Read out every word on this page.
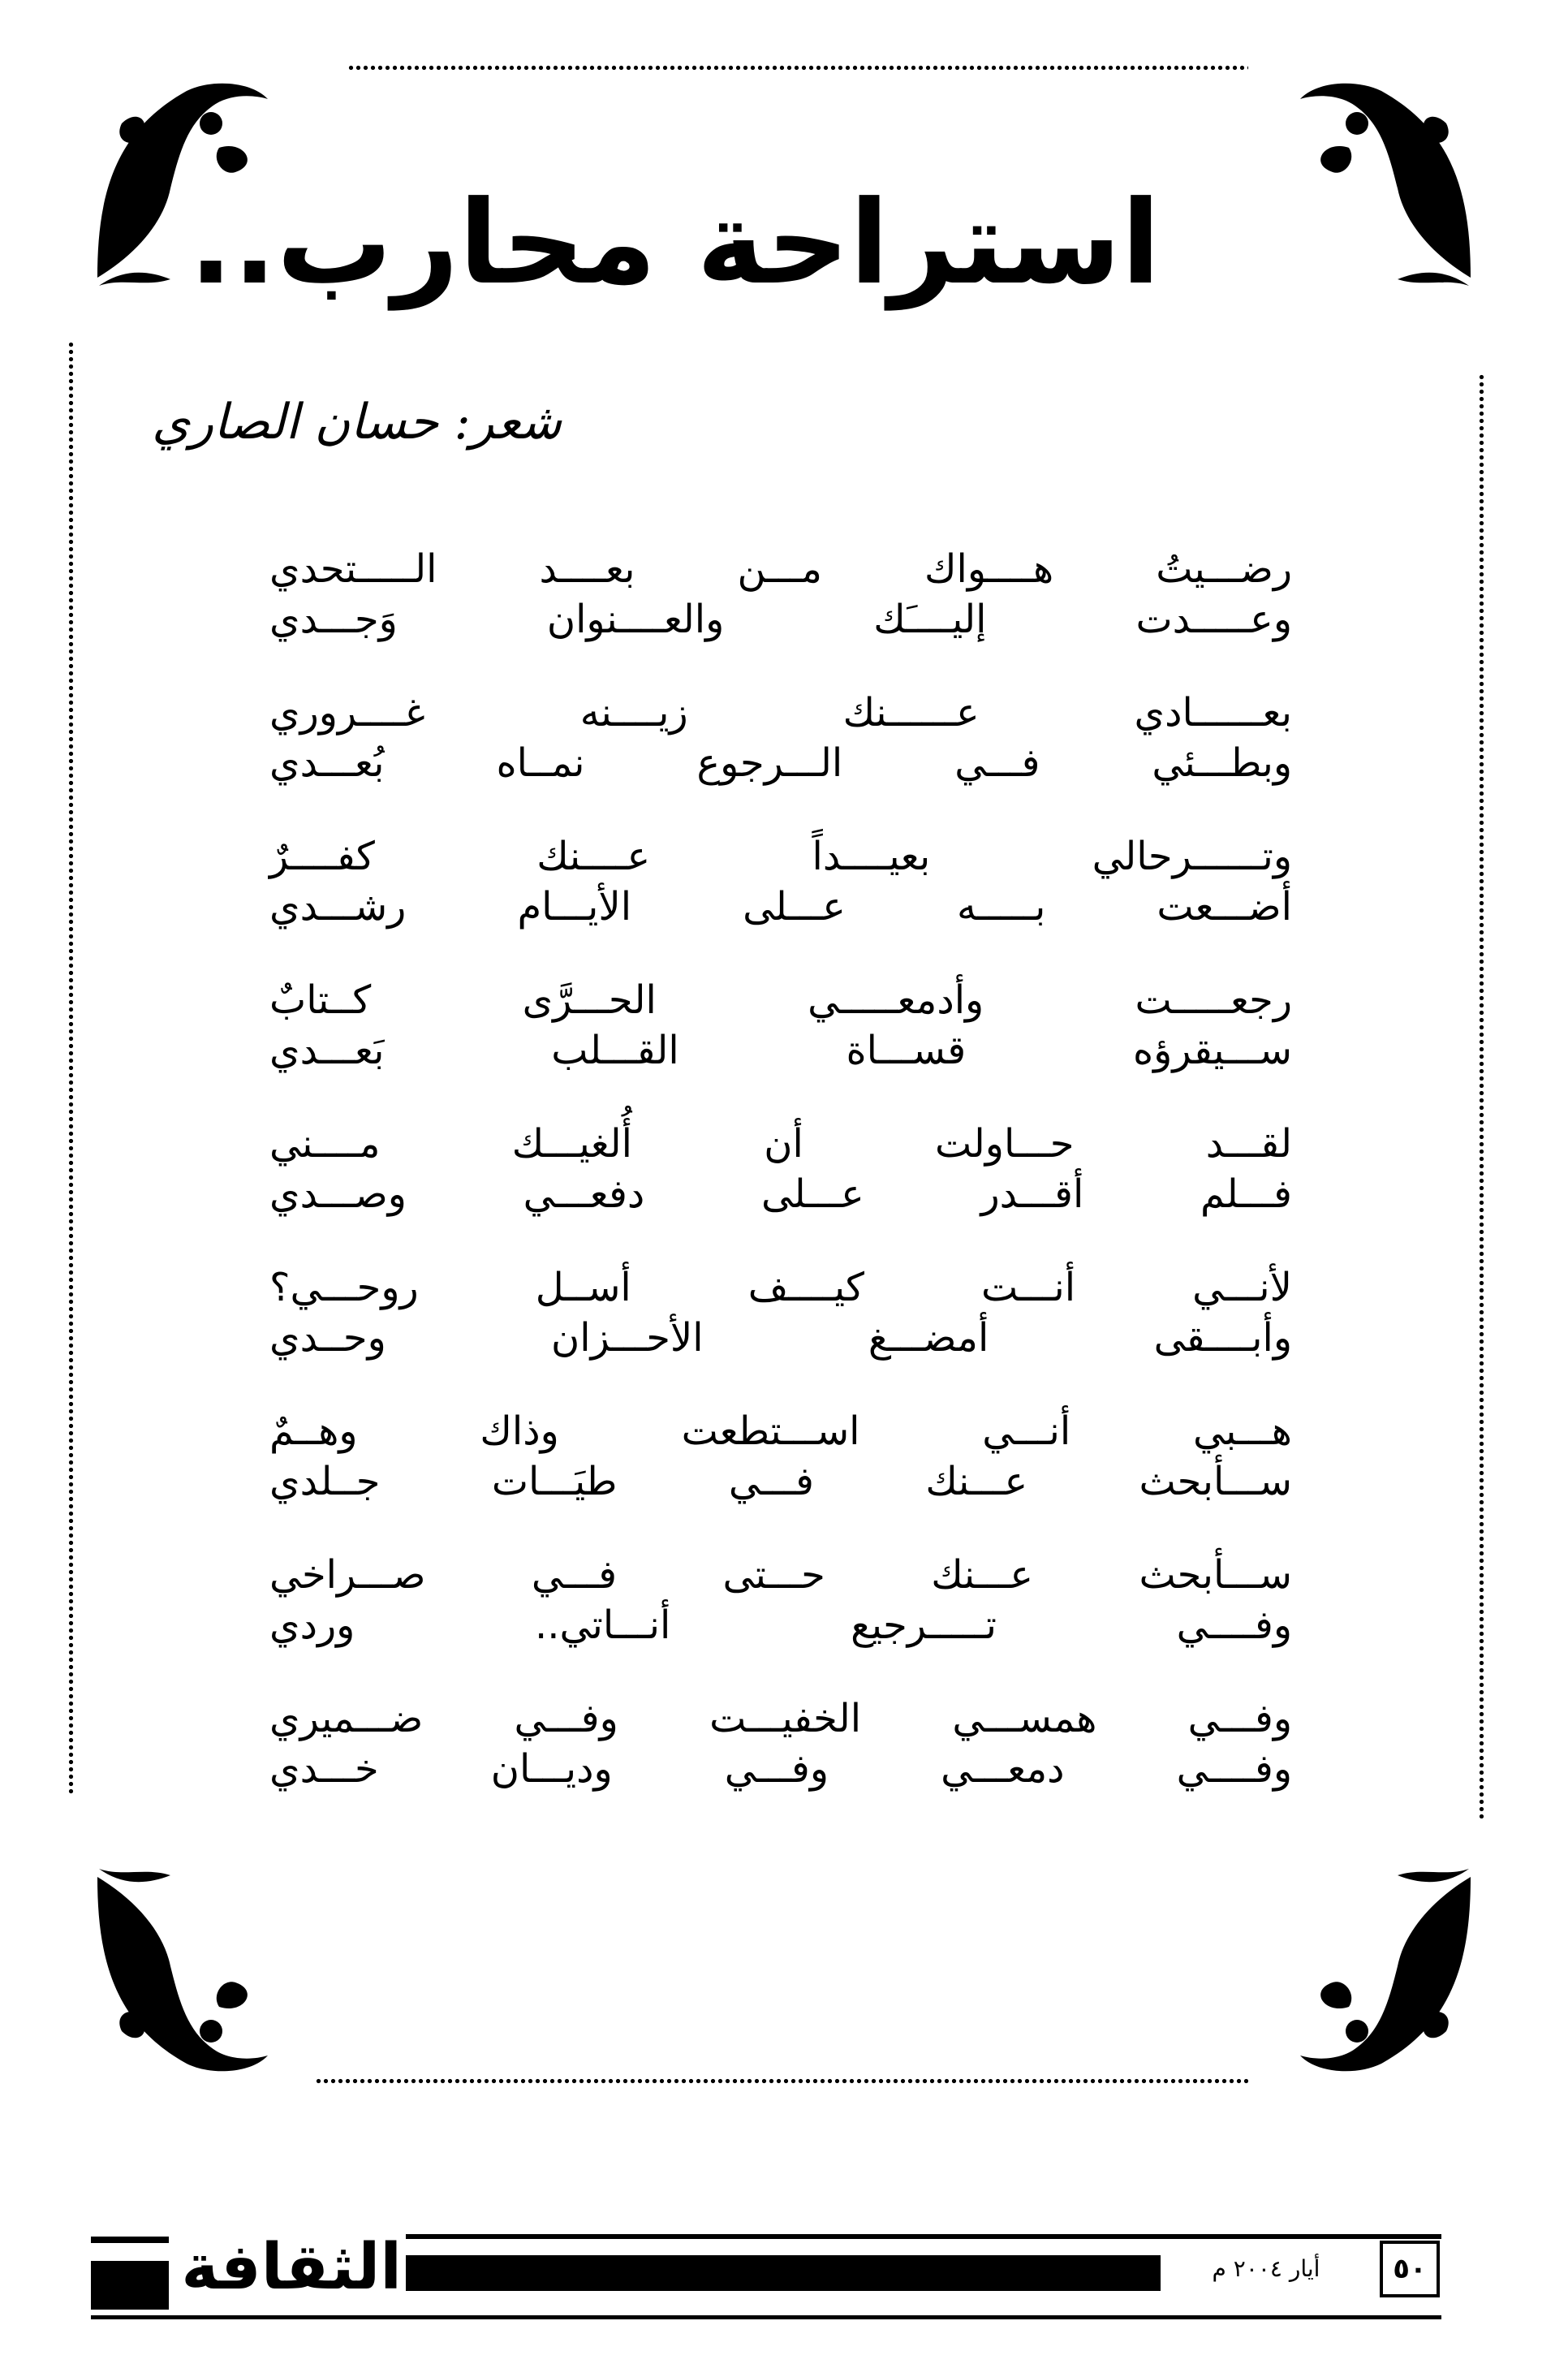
استراحة محارب..
شعر: حسان الصاري
رضـــيتُ هــــواك مـــن بعــــد الـــــتحدي
وعـــــدت إليــــَك والعــــنوان وَجـــدي
بعــــــادي عــــــنك زيــــنه غــــروري
وبطـــئي فـــي الـــرجوع نمــاه بُعـــدي
وتــــــرحالي بعيــــداً عــــنك كفــــرٌ
أضـــعت بـــــه عـــلى الأيـــام رشـــدي
رجعـــــت وأدمعـــــي الحـــرَّى كــتابٌ
ســـيقرؤه قســـاة القـــلب بَعـــدي
لقـــد حـــاولت أن أُلغيـــك مــــني
فـــلم أقـــدر عـــلى دفعـــي وصـــدي
لأنـــي أنـــت كيــــف أســل روحـــي؟
وأبــــقى أمضـــغ الأحـــزان وحــدي
هـــبي أنـــي اســـتطعت وذاك وهــمٌ
ســـأبحث عـــنك فـــي طيَـــات جــلدي
ســـأبحث عـــنك حـــتى فـــي صـــراخي
وفــــي تـــــرجيع أنـــاتي.. وردي
وفـــي همســـي الخفيـــت وفـــي ضـــميري
وفــــي دمعـــي وفـــي وديـــان خـــدي
الثقافة	أيار ٢٠٠٤ م	٥٠
